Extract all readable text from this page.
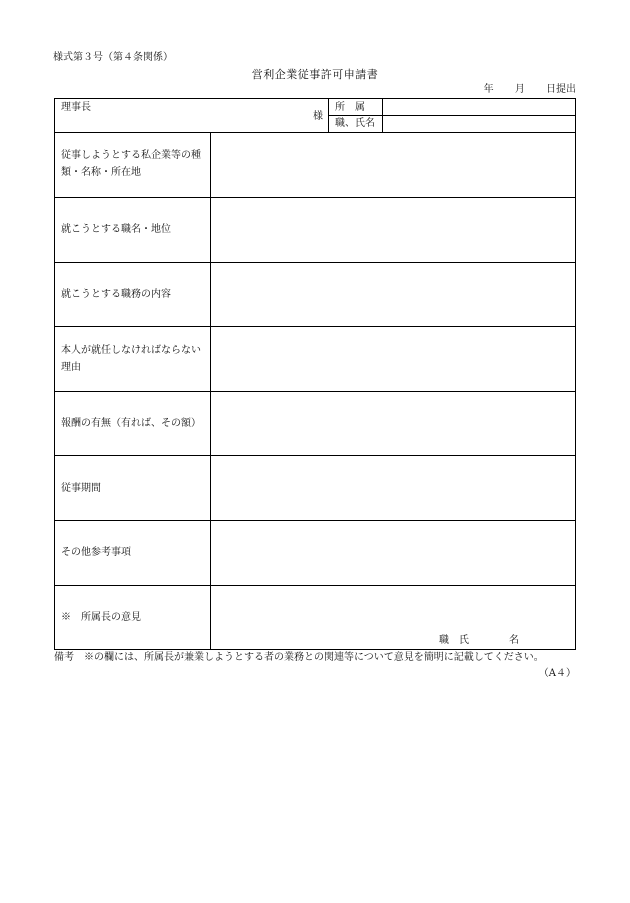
様式第３号（第４条関係）
営利企業従事許可申請書
年 月 日提出
理事長
様
所　属
職、氏名
従事しようとする私企業等の種類・名称・所在地
就こうとする職名・地位
就こうとする職務の内容
本人が就任しなければならない理由
報酬の有無（有れば、その額）
従事期間
その他参考事項
※　所属長の意見
職　氏　　　　名
備考　※の欄には、所属長が兼業しようとする者の業務との関連等について意見を簡明に記載してください。
（A４）
